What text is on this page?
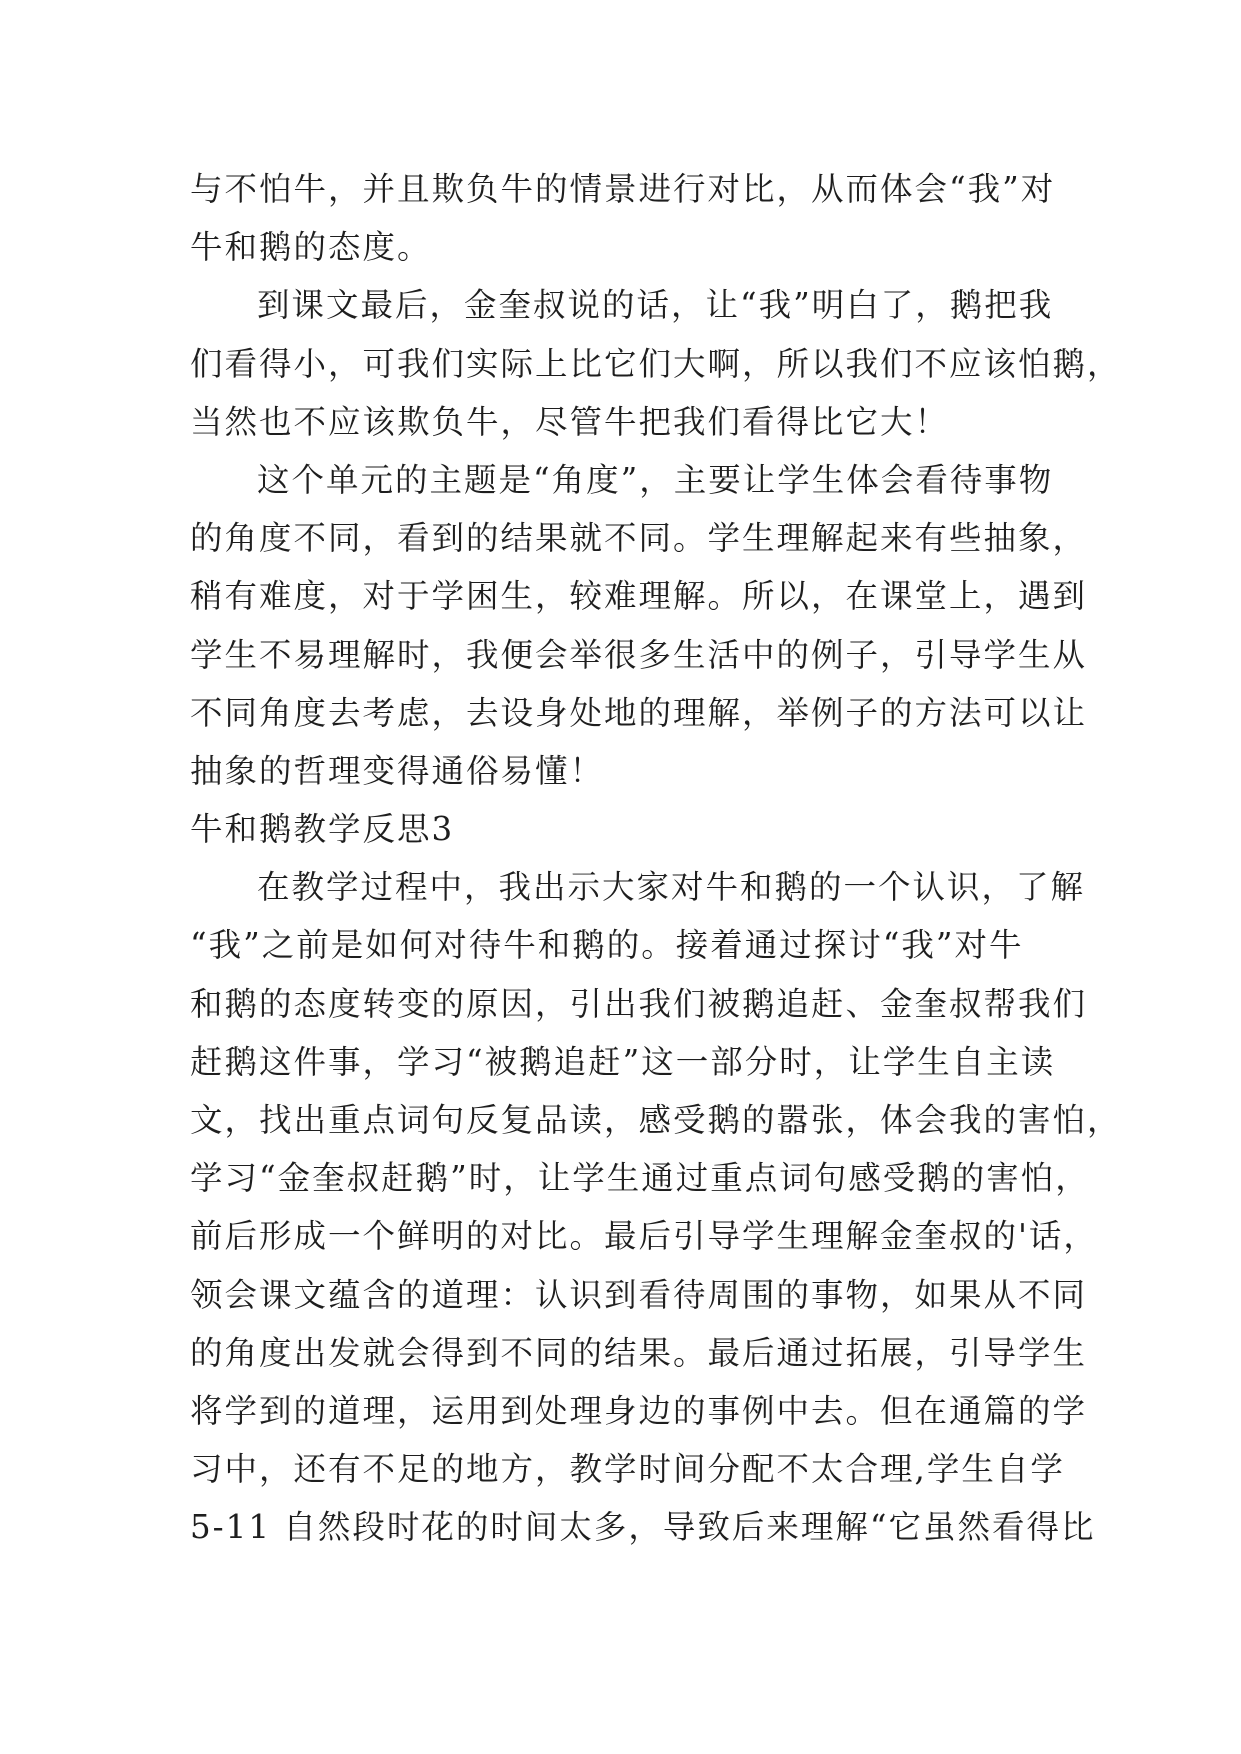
与不怕牛，并且欺负牛的情景进行对比，从而体会“我”对
牛和鹅的态度。
到课文最后，金奎叔说的话，让“我”明白了，鹅把我
们看得小，可我们实际上比它们大啊，所以我们不应该怕鹅，
当然也不应该欺负牛，尽管牛把我们看得比它大！
这个单元的主题是“角度”，主要让学生体会看待事物
的角度不同，看到的结果就不同。学生理解起来有些抽象，
稍有难度，对于学困生，较难理解。所以，在课堂上，遇到
学生不易理解时，我便会举很多生活中的例子，引导学生从
不同角度去考虑，去设身处地的理解，举例子的方法可以让
抽象的哲理变得通俗易懂！
牛和鹅教学反思3
在教学过程中，我出示大家对牛和鹅的一个认识，了解
“我”之前是如何对待牛和鹅的。接着通过探讨“我”对牛
和鹅的态度转变的原因，引出我们被鹅追赶、金奎叔帮我们
赶鹅这件事，学习“被鹅追赶”这一部分时，让学生自主读
文，找出重点词句反复品读，感受鹅的嚣张，体会我的害怕，
学习“金奎叔赶鹅”时，让学生通过重点词句感受鹅的害怕，
前后形成一个鲜明的对比。最后引导学生理解金奎叔的'话，
领会课文蕴含的道理：认识到看待周围的事物，如果从不同
的角度出发就会得到不同的结果。最后通过拓展，引导学生
将学到的道理，运用到处理身边的事例中去。但在通篇的学
习中，还有不足的地方，教学时间分配不太合理,学生自学
5-11 自然段时花的时间太多，导致后来理解“它虽然看得比
